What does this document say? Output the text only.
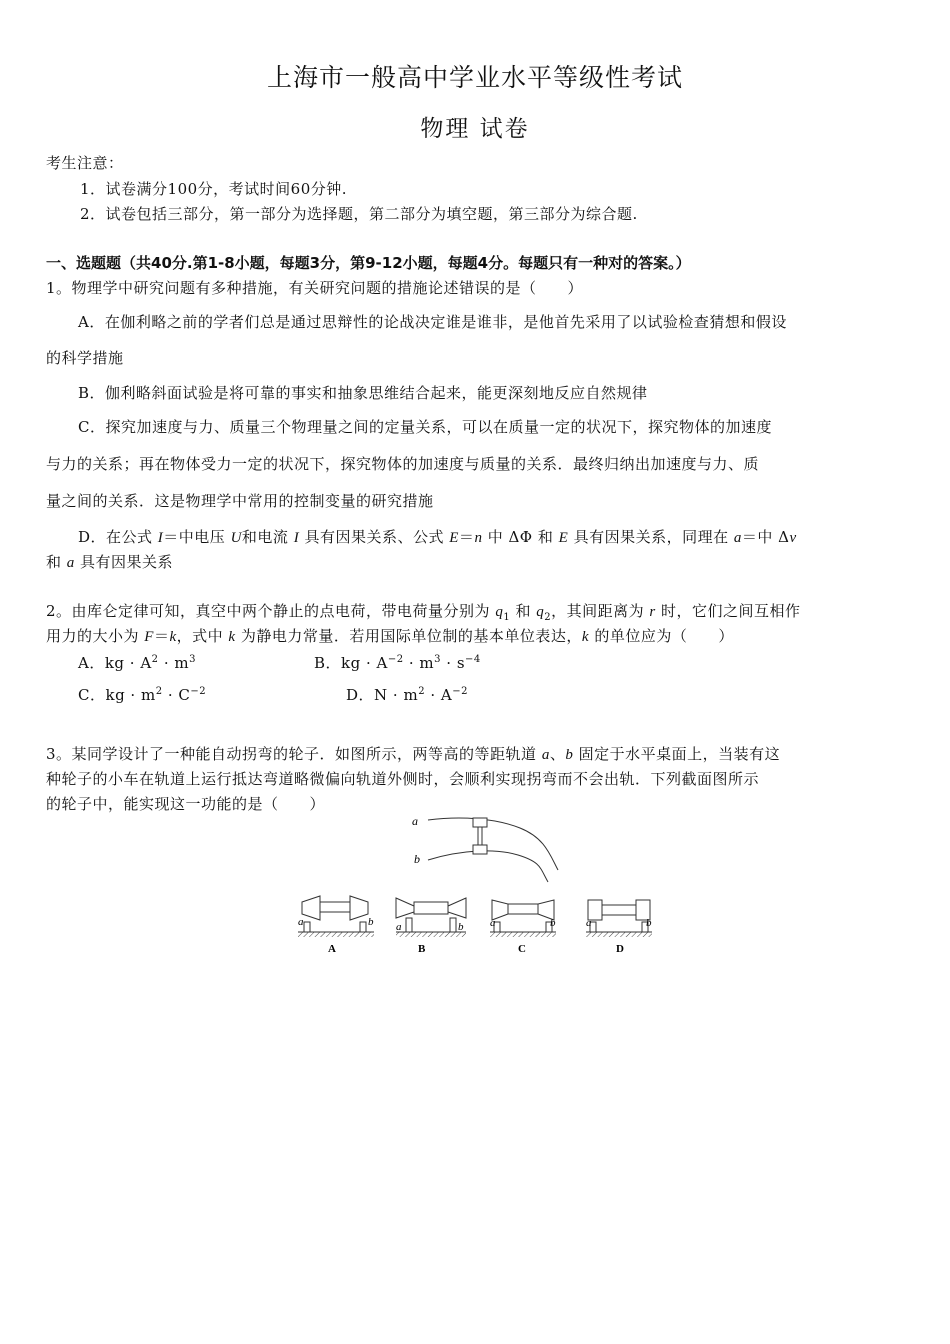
上海市一般高中学业水平等级性考试
物理 试卷
考生注意：
1．试卷满分100分，考试时间60分钟.
2．试卷包括三部分，第一部分为选择题，第二部分为填空题，第三部分为综合题.
一、选题题（共40分.第1-8小题，每题3分，第9-12小题，每题4分。每题只有一种对的答案。）
1。物理学中研究问题有多种措施，有关研究问题的措施论述错误的是（　　）
A．在伽利略之前的学者们总是通过思辩性的论战决定谁是谁非，是他首先采用了以试验检查猜想和假设
的科学措施
B．伽利略斜面试验是将可靠的事实和抽象思维结合起来，能更深刻地反应自然规律
C．探究加速度与力、质量三个物理量之间的定量关系，可以在质量一定的状况下，探究物体的加速度
与力的关系；再在物体受力一定的状况下，探究物体的加速度与质量的关系．最终归纳出加速度与力、质
量之间的关系．这是物理学中常用的控制变量的研究措施
D．在公式 I＝中电压 U和电流 I 具有因果关系、公式 E＝n 中 ΔΦ 和 E 具有因果关系，同理在 a＝中 Δv
和 a 具有因果关系
2。由库仑定律可知，真空中两个静止的点电荷，带电荷量分别为 $q_1$ 和 $q_2$，其间距离为 r 时，它们之间互相作
用力的大小为 F＝k，式中 k 为静电力常量．若用国际单位制的基本单位表达，k 的单位应为（　　）
A．kg · $A^2 \cdot m^3$	B．kg · $A^{-2} \cdot m^3 \cdot s^{-4}$
C．kg · $m^2 \cdot C^{-2}$	D．$N \cdot m^2 \cdot A^{-2}$
3。某同学设计了一种能自动拐弯的轮子．如图所示，两等高的等距轨道 a、b 固定于水平桌面上，当装有这
种轮子的小车在轨道上运行抵达弯道略微偏向轨道外侧时，会顺利实现拐弯而不会出轨．下列截面图所示
的轮子中，能实现这一功能的是（　　）
a
b
a	b
A
a	b
B
a	b
C
a	b
D
